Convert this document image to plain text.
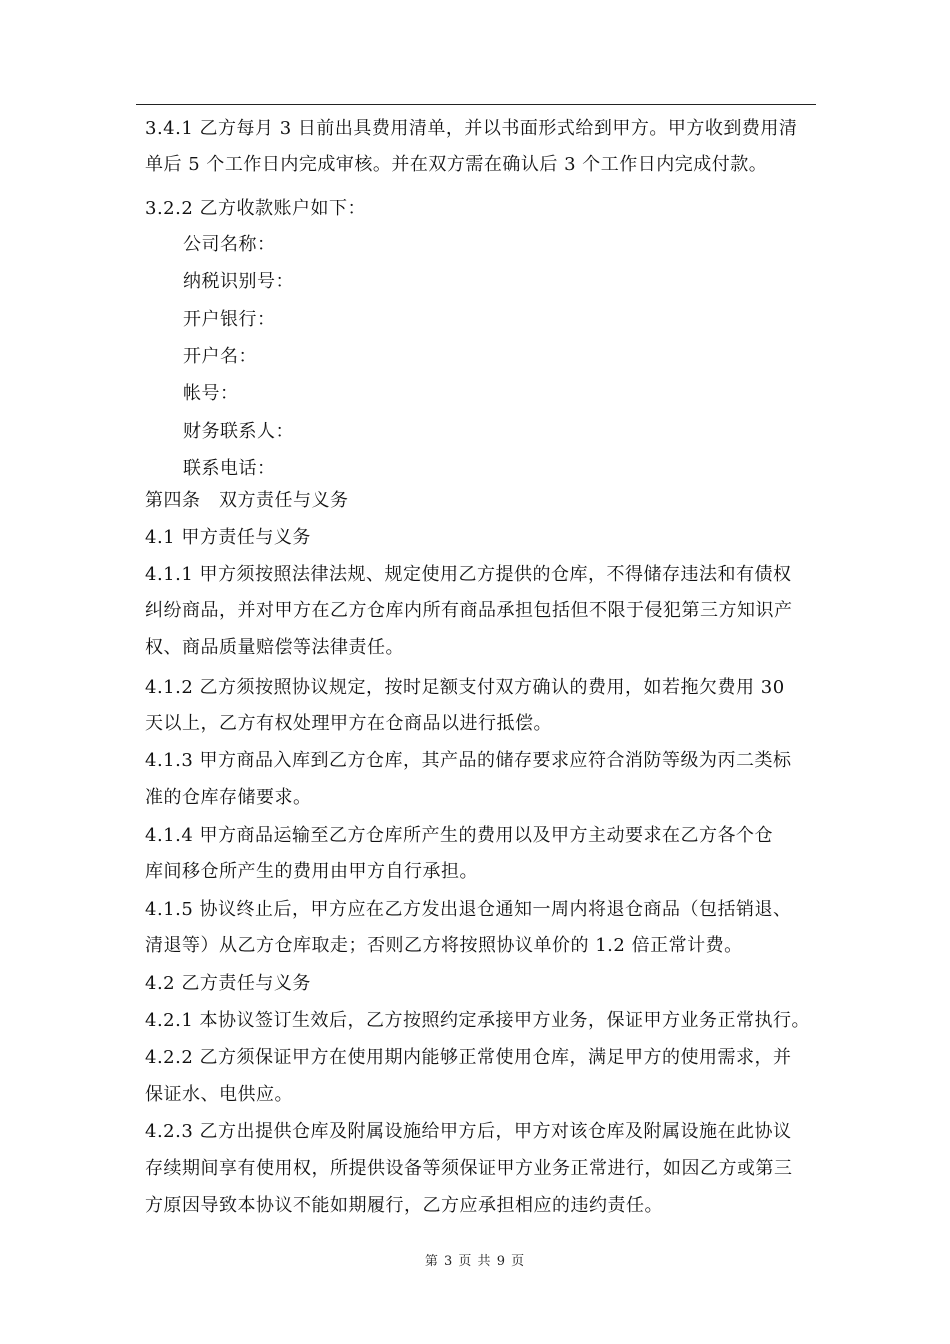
3.4.1 乙方每月 3 日前出具费用清单，并以书面形式给到甲方。甲方收到费用清
单后 5 个工作日内完成审核。并在双方需在确认后 3 个工作日内完成付款。
3.2.2 乙方收款账户如下：
公司名称：
纳税识别号：
开户银行：
开户名：
帐号：
财务联系人：
联系电话：
第四条　双方责任与义务
4.1 甲方责任与义务
4.1.1 甲方须按照法律法规、规定使用乙方提供的仓库，不得储存违法和有债权
纠纷商品，并对甲方在乙方仓库内所有商品承担包括但不限于侵犯第三方知识产
权、商品质量赔偿等法律责任。
4.1.2 乙方须按照协议规定，按时足额支付双方确认的费用，如若拖欠费用 30
天以上，乙方有权处理甲方在仓商品以进行抵偿。
4.1.3 甲方商品入库到乙方仓库，其产品的储存要求应符合消防等级为丙二类标
准的仓库存储要求。
4.1.4 甲方商品运输至乙方仓库所产生的费用以及甲方主动要求在乙方各个仓
库间移仓所产生的费用由甲方自行承担。
4.1.5 协议终止后，甲方应在乙方发出退仓通知一周内将退仓商品（包括销退、
清退等）从乙方仓库取走；否则乙方将按照协议单价的 1.2 倍正常计费。
4.2 乙方责任与义务
4.2.1 本协议签订生效后，乙方按照约定承接甲方业务，保证甲方业务正常执行。
4.2.2 乙方须保证甲方在使用期内能够正常使用仓库，满足甲方的使用需求，并
保证水、电供应。
4.2.3 乙方出提供仓库及附属设施给甲方后，甲方对该仓库及附属设施在此协议
存续期间享有使用权，所提供设备等须保证甲方业务正常进行，如因乙方或第三
方原因导致本协议不能如期履行，乙方应承担相应的违约责任。
第 3 页 共 9 页
